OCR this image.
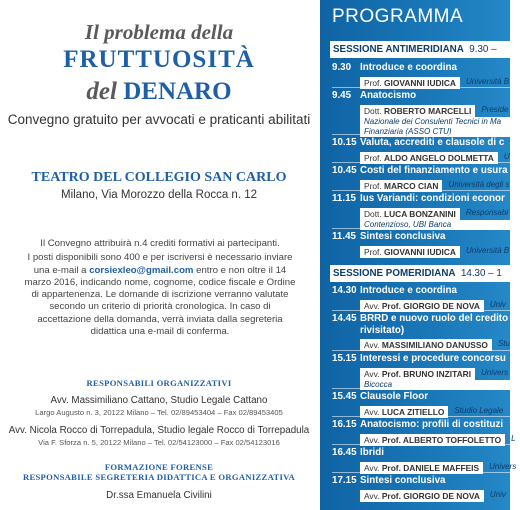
Il problema della
FRUTTUOSITÀ
del DENARO
Convegno gratuito per avvocati e praticanti abilitati
TEATRO DEL COLLEGIO SAN CARLO
Milano, Via Morozzo della Rocca n. 12

Il Convegno attribuirà n.4 crediti formativi ai partecipanti.

I posti disponibili sono 400 e per iscriversi è necessario inviare una e-mail a corsiexleo@gmail.com entro e non oltre il 14 marzo 2016, indicando nome, cognome, codice fiscale e Ordine di appartenenza. Le domande di iscrizione verranno valutate secondo un criterio di priorità cronologica. In caso di accettazione della domanda, verrà inviata dalla segreteria didattica una e-mail di conferma.

RESPONSABILI ORGANIZZATIVI
Avv. Massimiliano Cattano, Studio Legale Cattano
Largo Augusto n. 3, 20122 Milano – Tel. 02/89453404 – Fax 02/89453405
Avv. Nicola Rocco di Torrepadula, Studio legale Rocco di Torrepadula
Via F. Sforza n. 5, 20122 Milano – Tel. 02/54123000 – Fax 02/54123016
FORMAZIONE FORENSE
RESPONSABILE SEGRETERIA DIDATTICA E ORGANIZZATIVA
Dr.ssa Emanuela Civilini
PROGRAMMA
SESSIONE ANTIMERIDIANA 9.30 –
9.30 Introduce e coordina
Prof. GIOVANNI IUDICA	Università B
9.45 Anatocismo
Dott. ROBERTO MARCELLI	Preside
Nazionale dei Consulenti Tecnici in Ma
Finanziaria (ASSO CTU)
10.15 Valuta, accrediti e clausole di c
Prof. ALDO ANGELO DOLMETTA	U
10.45 Costi del finanziamento e usura
Prof. MARCO CIAN	Università degli s
11.15 Ius Variandi: condizioni econor
Dott. LUCA BONZANINI	Responsabi
Contenzioso, UBI Banca
11.45 Sintesi conclusiva
Prof. GIOVANNI IUDICA	Università B
SESSIONE POMERIDIANA 14.30 – 1
14.30 Introduce e coordina
Avv. Prof. GIORGIO DE NOVA	Univ
14.45 BRRD e nuovo ruolo del credito
rivisitato)
Avv. MASSIMILIANO DANUSSO	Stu
15.15 Interessi e procedure concorsu
Avv. Prof. BRUNO INZITARI	Univers
Bicocca
15.45 Clausole Floor
Avv. LUCA ZITIELLO	Studio Legale
16.15 Anatocismo: profili di costituzi
Avv. Prof. ALBERTO TOFFOLETTO	L
16.45 Ibridi
Avv. Prof. DANIELE MAFFEIS	Univers
17.15 Sintesi conclusiva
Avv. Prof. GIORGIO DE NOVA	Univ
